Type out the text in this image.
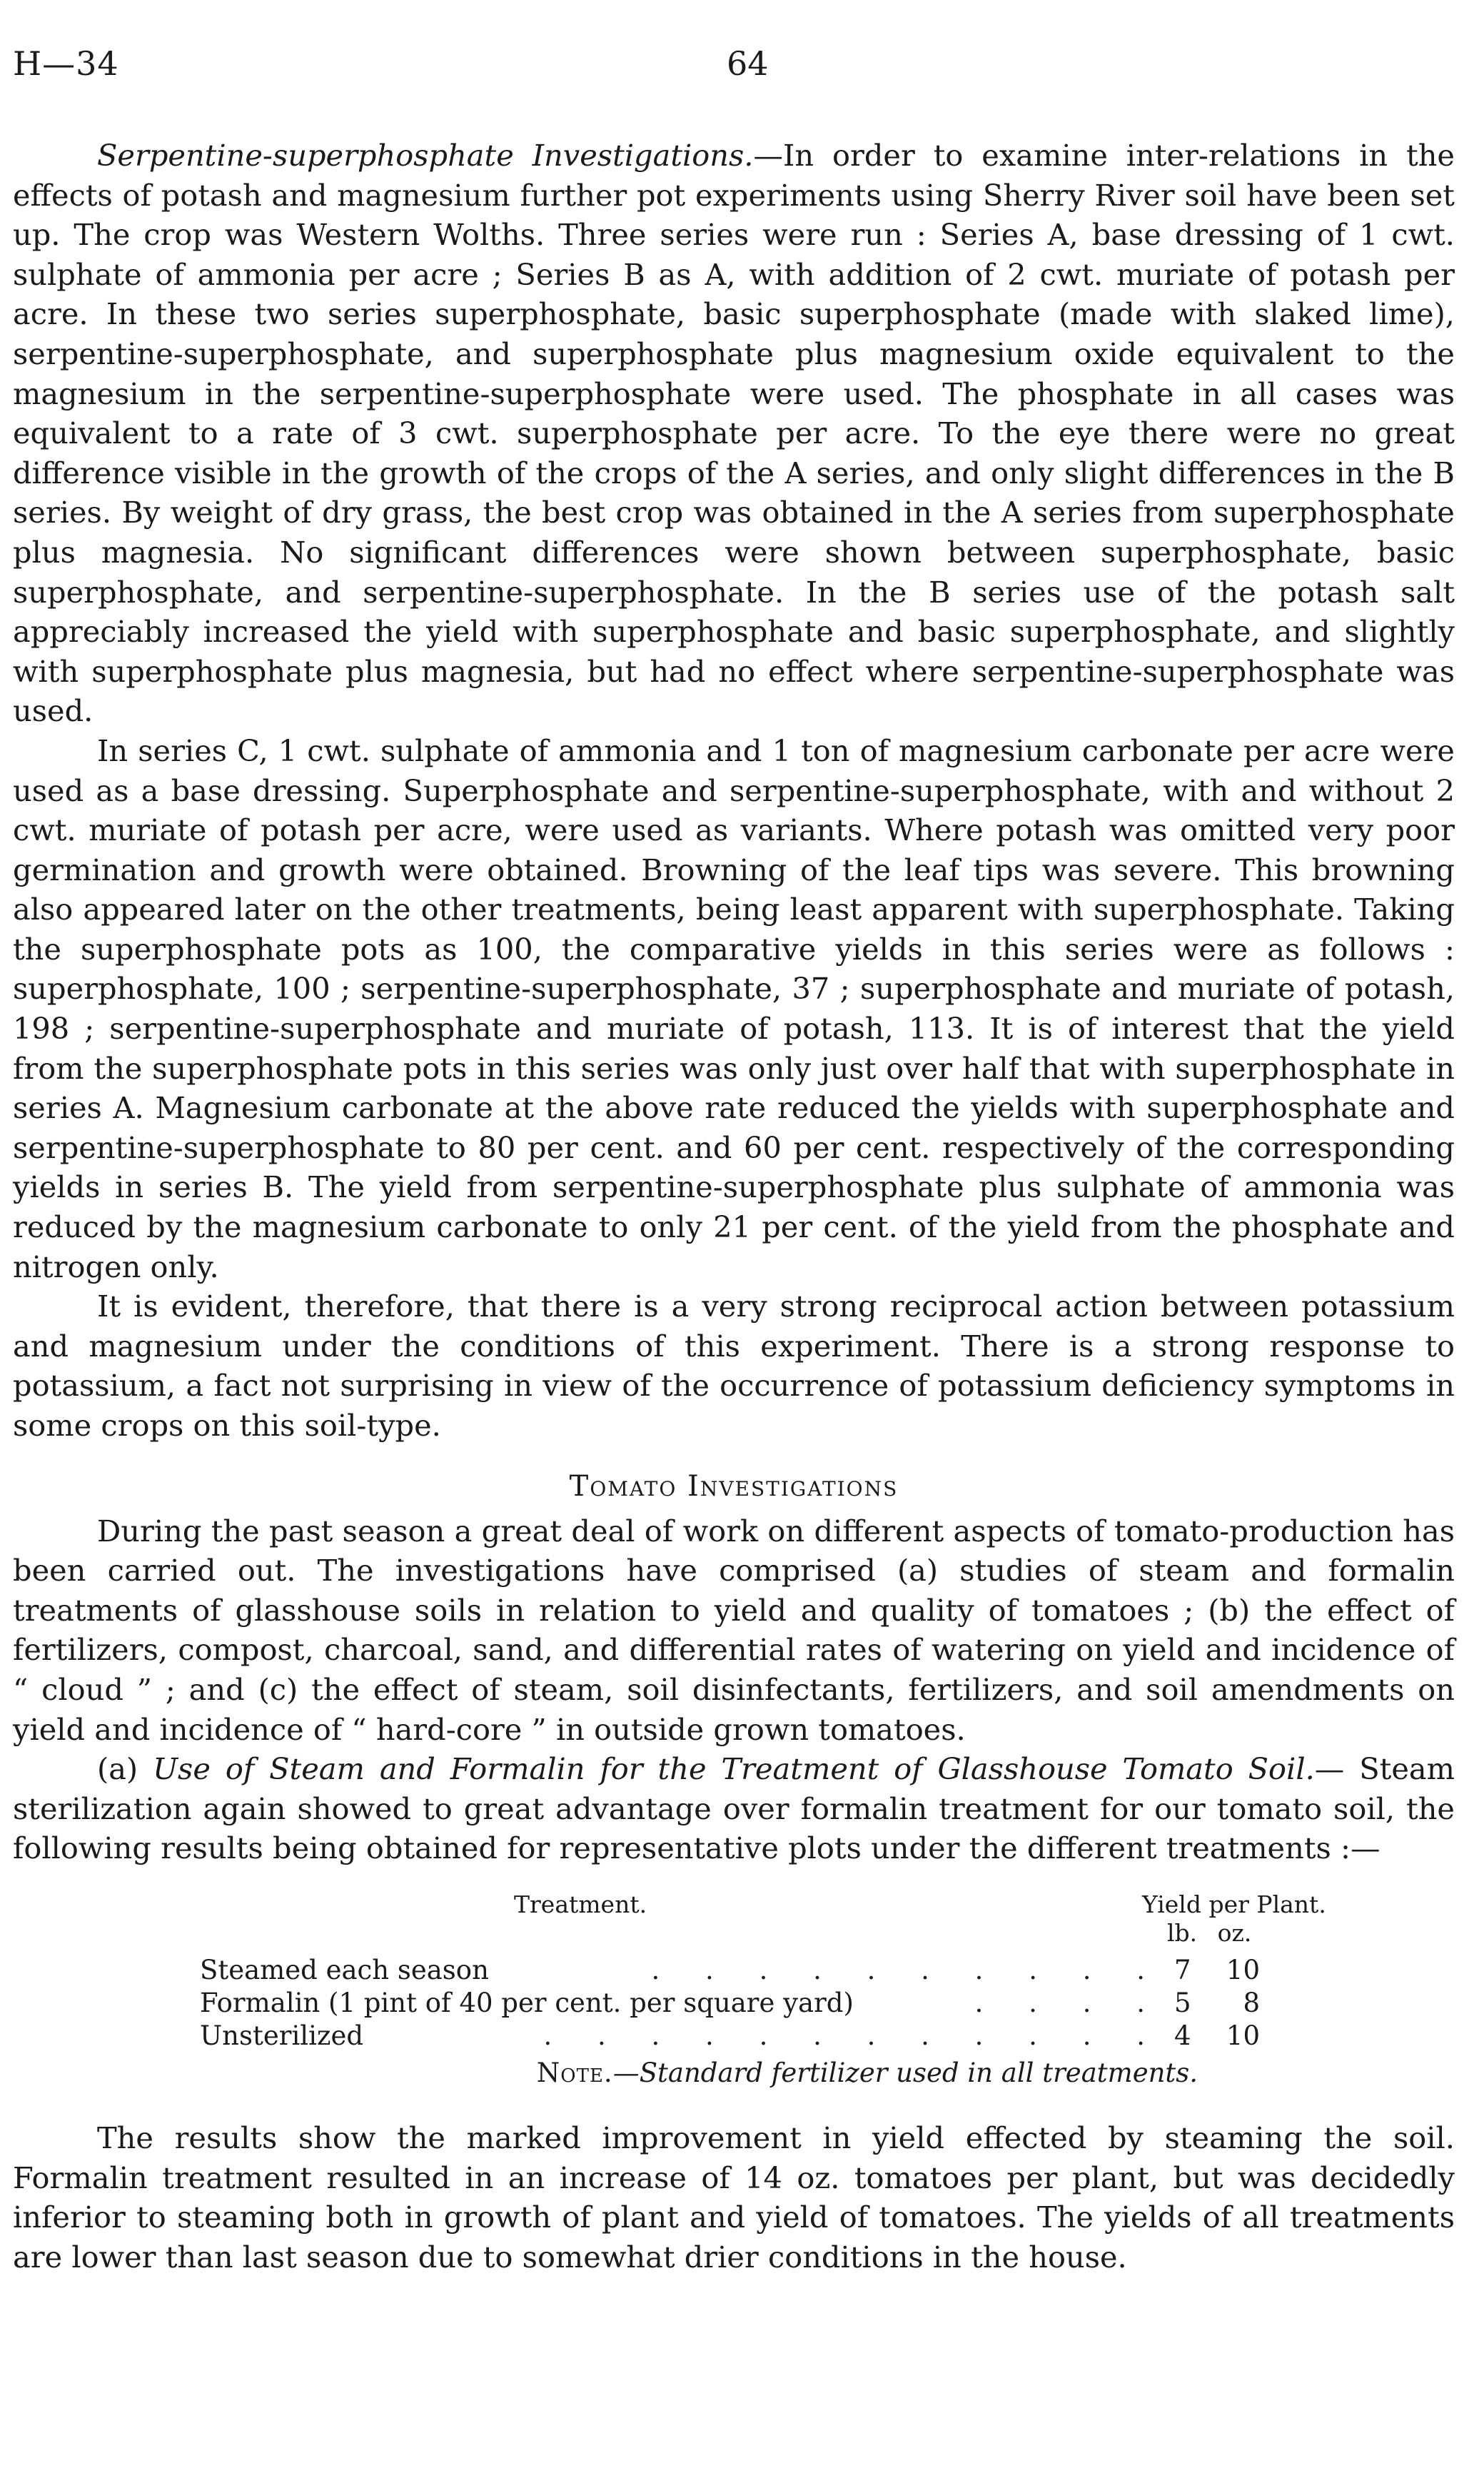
H—34	64

Serpentine-superphosphate Investigations.—In order to examine inter-relations in the effects of potash and magnesium further pot experiments using Sherry River soil have been set up. The crop was Western Wolths. Three series were run : Series A, base dressing of 1 cwt. sulphate of ammonia per acre ; Series B as A, with addition of 2 cwt. muriate of potash per acre. In these two series superphosphate, basic superphosphate (made with slaked lime), serpentine-superphosphate, and superphosphate plus magnesium oxide equivalent to the magnesium in the serpentine-superphosphate were used. The phosphate in all cases was equivalent to a rate of 3 cwt. superphosphate per acre. To the eye there were no great difference visible in the growth of the crops of the A series, and only slight differences in the B series. By weight of dry grass, the best crop was obtained in the A series from superphosphate plus magnesia. No significant differences were shown between superphosphate, basic superphosphate, and serpentine-superphosphate. In the B series use of the potash salt appreciably increased the yield with superphosphate and basic superphosphate, and slightly with superphosphate plus magnesia, but had no effect where serpentine-superphosphate was used.

In series C, 1 cwt. sulphate of ammonia and 1 ton of magnesium carbonate per acre were used as a base dressing. Superphosphate and serpentine-superphosphate, with and without 2 cwt. muriate of potash per acre, were used as variants. Where potash was omitted very poor germination and growth were obtained. Browning of the leaf tips was severe. This browning also appeared later on the other treatments, being least apparent with superphosphate. Taking the superphosphate pots as 100, the comparative yields in this series were as follows : superphosphate, 100 ; serpentine-superphosphate, 37 ; superphosphate and muriate of potash, 198 ; serpentine-superphosphate and muriate of potash, 113. It is of interest that the yield from the superphosphate pots in this series was only just over half that with superphosphate in series A. Magnesium carbonate at the above rate reduced the yields with superphosphate and serpentine-superphosphate to 80 per cent. and 60 per cent. respectively of the corresponding yields in series B. The yield from serpentine-superphosphate plus sulphate of ammonia was reduced by the magnesium carbonate to only 21 per cent. of the yield from the phosphate and nitrogen only.

It is evident, therefore, that there is a very strong reciprocal action between potassium and magnesium under the conditions of this experiment. There is a strong response to potassium, a fact not surprising in view of the occurrence of potassium deficiency symptoms in some crops on this soil-type.

Tomato Investigations

During the past season a great deal of work on different aspects of tomato-production has been carried out. The investigations have comprised (a) studies of steam and formalin treatments of glasshouse soils in relation to yield and quality of tomatoes ; (b) the effect of fertilizers, compost, charcoal, sand, and differential rates of watering on yield and incidence of “ cloud ” ; and (c) the effect of steam, soil disinfectants, fertilizers, and soil amendments on yield and incidence of “ hard-core ” in outside grown tomatoes.

(a) Use of Steam and Formalin for the Treatment of Glasshouse Tomato Soil.— Steam sterilization again showed to great advantage over formalin treatment for our tomato soil, the following results being obtained for representative plots under the different treatments :—

Treatment.	Yield per Plant.
lb. oz.
Steamed each season	. . . . . . . . . . 7	10
Formalin (1 pint of 40 per cent. per square yard)	. . . . 5	8
Unsterilized	. . . . . . . . . . . . 4	10
Note.—Standard fertilizer used in all treatments.

The results show the marked improvement in yield effected by steaming the soil. Formalin treatment resulted in an increase of 14 oz. tomatoes per plant, but was decidedly inferior to steaming both in growth of plant and yield of tomatoes. The yields of all treatments are lower than last season due to somewhat drier conditions in the house.
